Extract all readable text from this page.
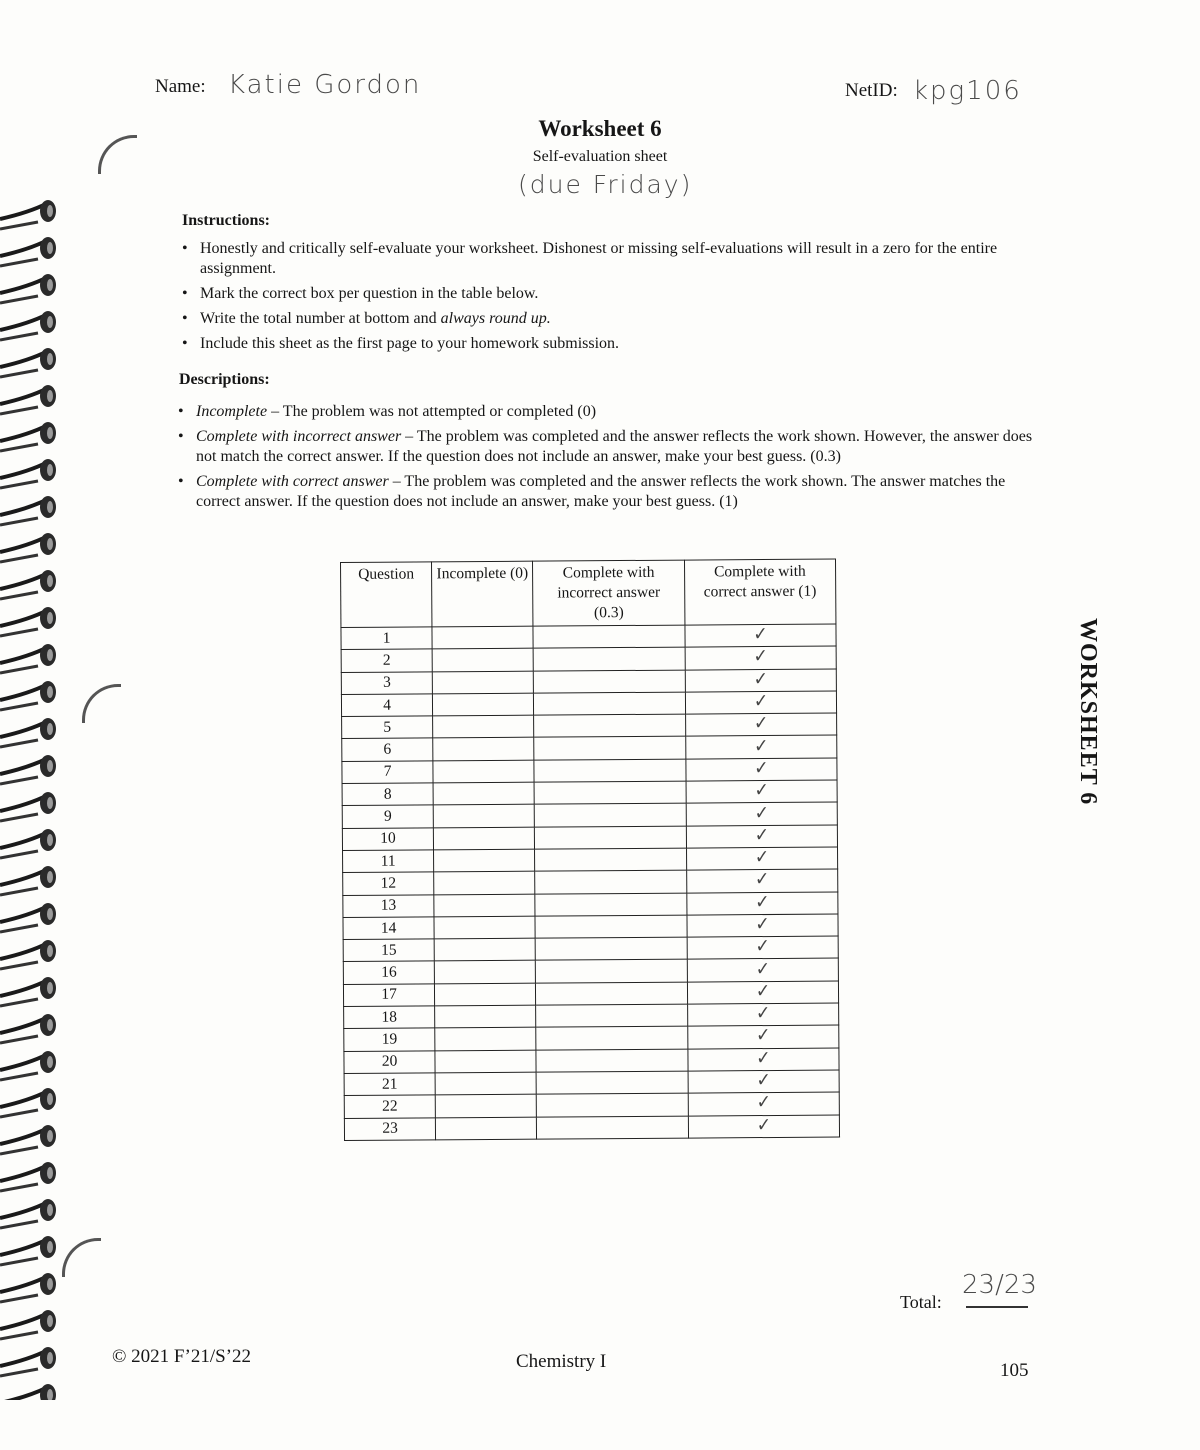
Name: Katie Gordon	NetID: kpg106
Worksheet 6
Self-evaluation sheet
(due Friday)
Instructions:
• Honestly and critically self-evaluate your worksheet. Dishonest or missing self-evaluations will result in a zero for the entire assignment.
• Mark the correct box per question in the table below.
• Write the total number at bottom and always round up.
• Include this sheet as the first page to your homework submission.
Descriptions:
• Incomplete – The problem was not attempted or completed (0)
• Complete with incorrect answer – The problem was completed and the answer reflects the work shown. However, the answer does not match the correct answer. If the question does not include an answer, make your best guess. (0.3)
• Complete with correct answer – The problem was completed and the answer reflects the work shown. The answer matches the correct answer. If the question does not include an answer, make your best guess. (1)
Question	Incomplete (0)	Complete with incorrect answer (0.3)	Complete with correct answer (1)

1			✓
2			✓
3			✓
4			✓
5			✓
6			✓
7			✓
8			✓
9			✓
10			✓
11			✓
12			✓
13			✓
14			✓
15			✓
16			✓
17			✓
18			✓
19			✓
20			✓
21			✓
22			✓
23			✓
WORKSHEET 6
Total:
23/23
© 2021 F’21/S’22	Chemistry I	105
